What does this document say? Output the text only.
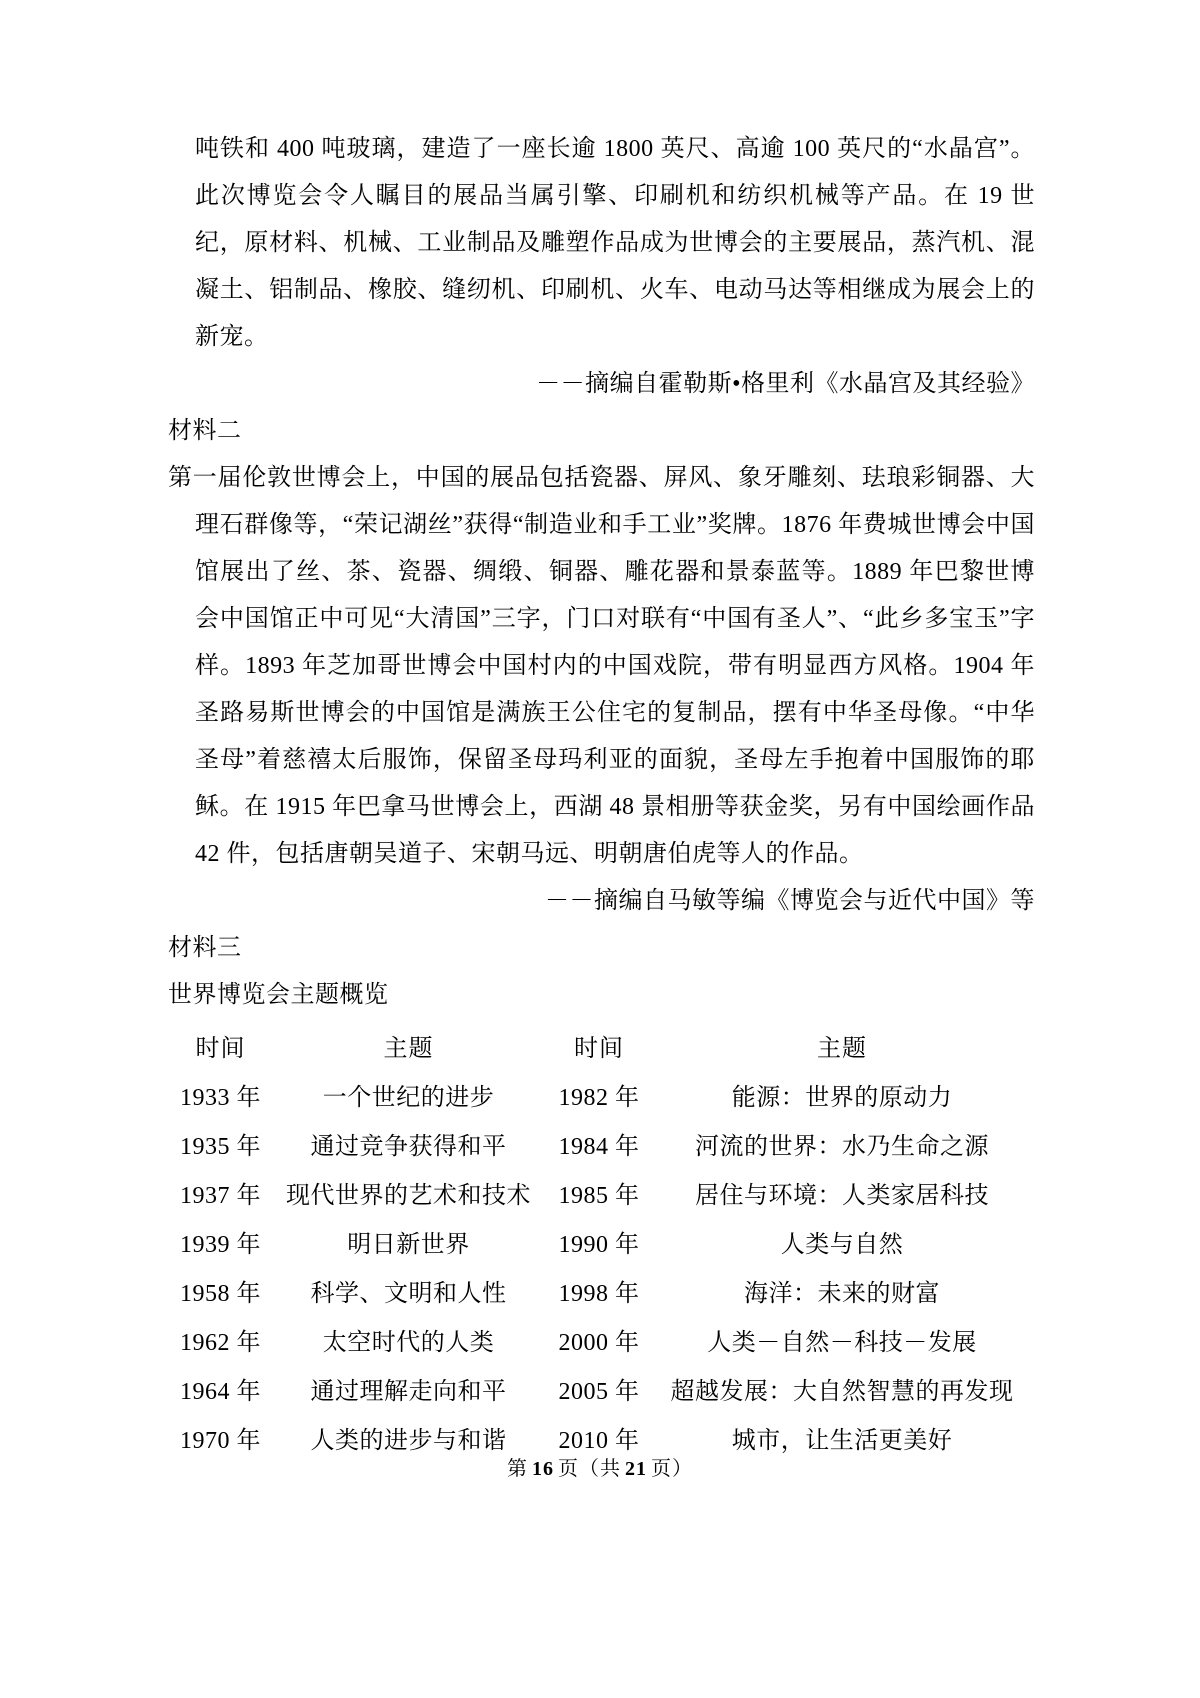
吨铁和 400 吨玻璃，建造了一座长逾 1800 英尺、高逾 100 英尺的“水晶宫”。此次博览会令人瞩目的展品当属引擎、印刷机和纺织机械等产品。在 19 世纪，原材料、机械、工业制品及雕塑作品成为世博会的主要展品，蒸汽机、混凝土、铝制品、橡胶、缝纫机、印刷机、火车、电动马达等相继成为展会上的新宠。

－－摘编自霍勒斯•格里利《水晶宫及其经验》

材料二

第一届伦敦世博会上，中国的展品包括瓷器、屏风、象牙雕刻、珐琅彩铜器、大理石群像等，“荣记湖丝”获得“制造业和手工业”奖牌。1876 年费城世博会中国馆展出了丝、茶、瓷器、绸缎、铜器、雕花器和景泰蓝等。1889 年巴黎世博会中国馆正中可见“大清国”三字，门口对联有“中国有圣人”、“此乡多宝玉”字样。1893 年芝加哥世博会中国村内的中国戏院，带有明显西方风格。1904 年圣路易斯世博会的中国馆是满族王公住宅的复制品，摆有中华圣母像。“中华圣母”着慈禧太后服饰，保留圣母玛利亚的面貌，圣母左手抱着中国服饰的耶稣。在 1915 年巴拿马世博会上，西湖 48 景相册等获金奖，另有中国绘画作品 42 件，包括唐朝吴道子、宋朝马远、明朝唐伯虎等人的作品。

－－摘编自马敏等编《博览会与近代中国》等

材料三

世界博览会主题概览

时间	主题	时间	主题
1933 年	一个世纪的进步	1982 年	能源：世界的原动力
1935 年	通过竞争获得和平	1984 年	河流的世界：水乃生命之源
1937 年	现代世界的艺术和技术	1985 年	居住与环境：人类家居科技
1939 年	明日新世界	1990 年	人类与自然
1958 年	科学、文明和人性	1998 年	海洋：未来的财富
1962 年	太空时代的人类	2000 年	人类－自然－科技－发展
1964 年	通过理解走向和平	2005 年	超越发展：大自然智慧的再发现
1970 年	人类的进步与和谐	2010 年	城市，让生活更美好
第 16 页（共 21 页）
